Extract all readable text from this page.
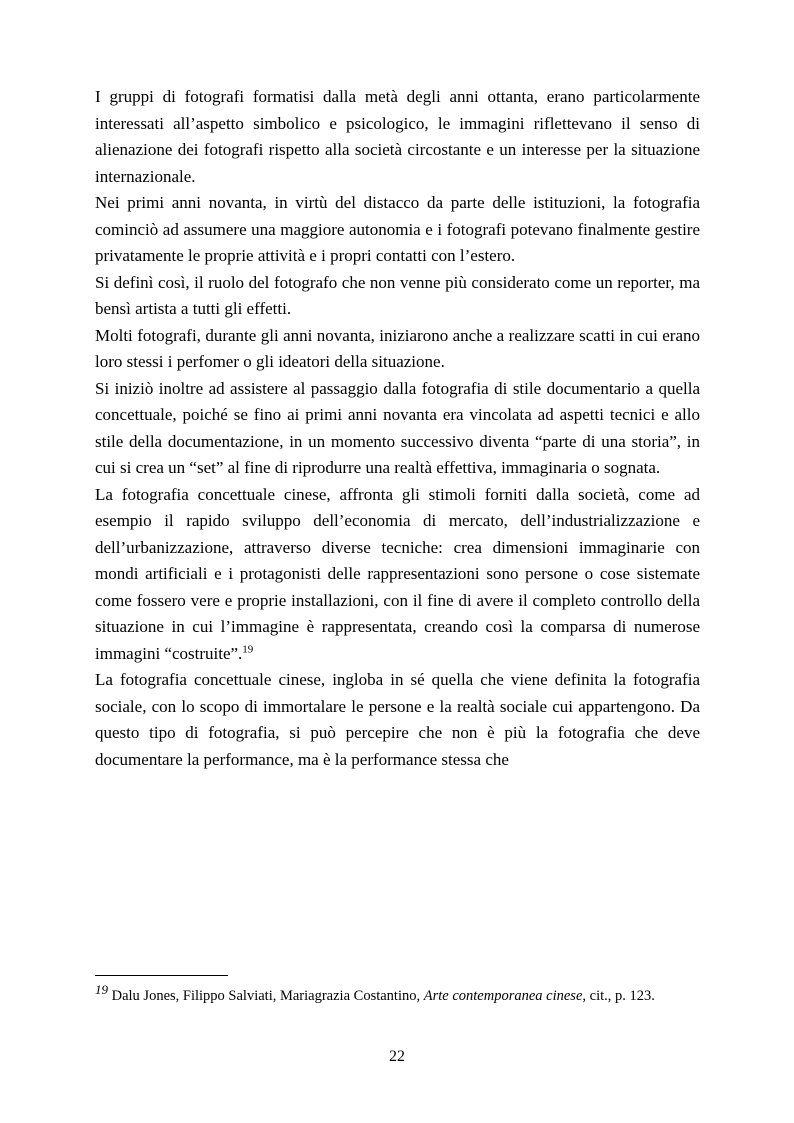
I gruppi di fotografi formatisi dalla metà degli anni ottanta, erano particolarmente interessati all’aspetto simbolico e psicologico, le immagini riflettevano il senso di alienazione dei fotografi rispetto alla società circostante e un interesse per la situazione internazionale.

Nei primi anni novanta, in virtù del distacco da parte delle istituzioni, la fotografia cominciò ad assumere una maggiore autonomia e i fotografi potevano finalmente gestire privatamente le proprie attività e i propri contatti con l’estero.

Si definì così, il ruolo del fotografo che non venne più considerato come un reporter, ma bensì artista a tutti gli effetti.

Molti fotografi, durante gli anni novanta, iniziarono anche a realizzare scatti in cui erano loro stessi i perfomer o gli ideatori della situazione.

Si iniziò inoltre ad assistere al passaggio dalla fotografia di stile documentario a quella concettuale, poiché se fino ai primi anni novanta era vincolata ad aspetti tecnici e allo stile della documentazione, in un momento successivo diventa “parte di una storia”, in cui si crea un “set” al fine di riprodurre una realtà effettiva, immaginaria o sognata.

La fotografia concettuale cinese, affronta gli stimoli forniti dalla società, come ad esempio il rapido sviluppo dell’economia di mercato, dell’industrializzazione e dell’urbanizzazione, attraverso diverse tecniche: crea dimensioni immaginarie con mondi artificiali e i protagonisti delle rappresentazioni sono persone o cose sistemate come fossero vere e proprie installazioni, con il fine di avere il completo controllo della situazione in cui l’immagine è rappresentata, creando così la comparsa di numerose immagini “costruite”.$^{19}$

La fotografia concettuale cinese, ingloba in sé quella che viene definita la fotografia sociale, con lo scopo di immortalare le persone e la realtà sociale cui appartengono. Da questo tipo di fotografia, si può percepire che non è più la fotografia che deve documentare la performance, ma è la performance stessa che

19 Dalu Jones, Filippo Salviati, Mariagrazia Costantino, Arte contemporanea cinese, cit., p. 123.

22
